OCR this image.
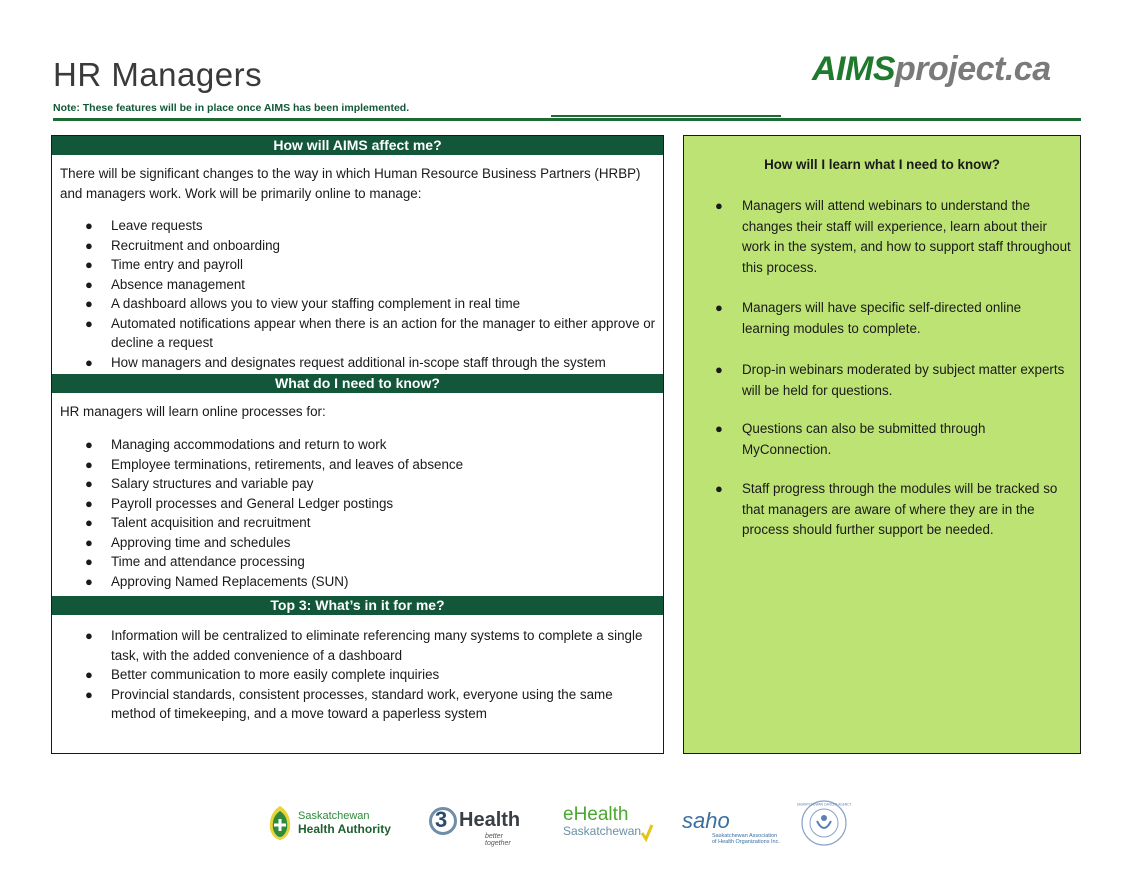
HR Managers
Note: These features will be in place once AIMS has been implemented.
AIMSproject.ca
How will AIMS affect me?

There will be significant changes to the way in which Human Resource Business Partners (HRBP) and managers work. Work will be primarily online to manage:

● Leave requests
● Recruitment and onboarding
● Time entry and payroll
● Absence management
● A dashboard allows you to view your staffing complement in real time
● Automated notifications appear when there is an action for the manager to either approve or decline a request
● How managers and designates request additional in-scope staff through the system
What do I need to know?

HR managers will learn online processes for:

● Managing accommodations and return to work
● Employee terminations, retirements, and leaves of absence
● Salary structures and variable pay
● Payroll processes and General Ledger postings
● Talent acquisition and recruitment
● Approving time and schedules
● Time and attendance processing
● Approving Named Replacements (SUN)
Top 3: What’s in it for me?
● Information will be centralized to eliminate referencing many systems to complete a single task, with the added convenience of a dashboard
● Better communication to more easily complete inquiries
● Provincial standards, consistent processes, standard work, everyone using the same method of timekeeping, and a move toward a paperless system
How will I learn what I need to know?
● Managers will attend webinars to understand the changes their staff will experience, learn about their work in the system, and how to support staff throughout this process.
● Managers will have specific self-directed online learning modules to complete.
● Drop-in webinars moderated by subject matter experts will be held for questions.
● Questions can also be submitted through MyConnection.
● Staff progress through the modules will be tracked so that managers are aware of where they are in the process should further support be needed.
Saskatchewan
Health Authority 3 Health
better together
eHealth
Saskatchewan saho
Saskatchewan Association
of Health Organizations Inc.
SASKATCHEWAN CANCER AGENCY
